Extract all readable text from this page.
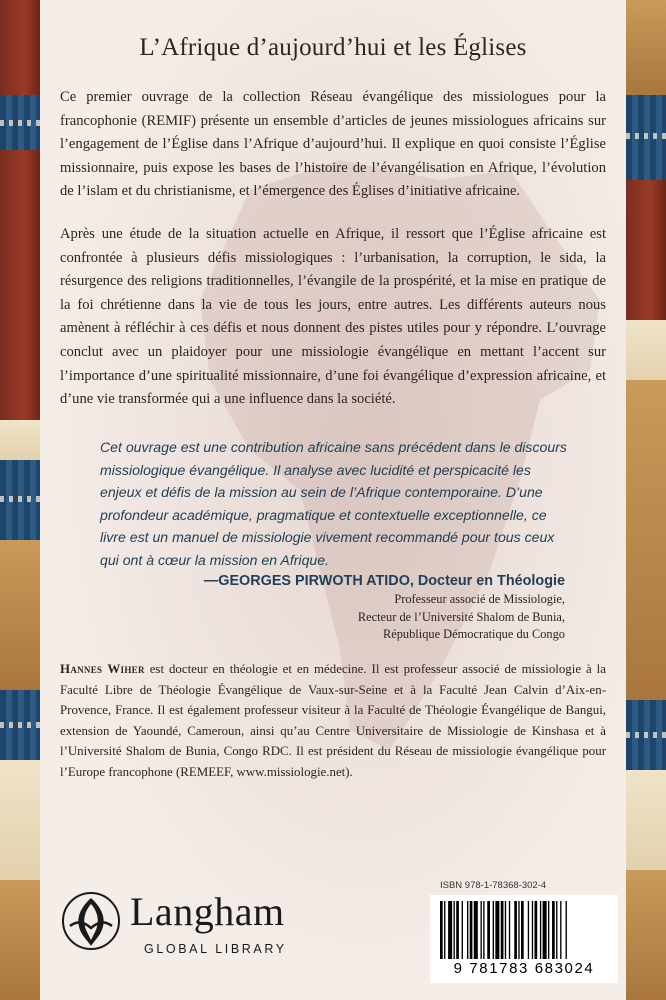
L’Afrique d’aujourd’hui et les Églises

Ce premier ouvrage de la collection Réseau évangélique des missiologues pour la francophonie (REMIF) présente un ensemble d’articles de jeunes missiologues africains sur l’engagement de l’Église dans l’Afrique d’aujourd’hui. Il explique en quoi consiste l’Église missionnaire, puis expose les bases de l’histoire de l’évangélisation en Afrique, l’évolution de l’islam et du christianisme, et l’émergence des Églises d’initiative africaine.

Après une étude de la situation actuelle en Afrique, il ressort que l’Église africaine est confrontée à plusieurs défis missiologiques : l’urbanisation, la corruption, le sida, la résurgence des religions traditionnelles, l’évangile de la prospérité, et la mise en pratique de la foi chrétienne dans la vie de tous les jours, entre autres. Les différents auteurs nous amènent à réfléchir à ces défis et nous donnent des pistes utiles pour y répondre. L’ouvrage conclut avec un plaidoyer pour une missiologie évangélique en mettant l’accent sur l’importance d’une spiritualité missionnaire, d’une foi évangélique d’expression africaine, et d’une vie transformée qui a une influence dans la société.

Cet ouvrage est une contribution africaine sans précédent dans le discours missiologique évangélique. Il analyse avec lucidité et perspicacité les enjeux et défis de la mission au sein de l’Afrique contemporaine. D’une profondeur académique, pragmatique et contextuelle exceptionnelle, ce livre est un manuel de missiologie vivement recommandé pour tous ceux qui ont à cœur la mission en Afrique.

—GEORGES PIRWOTH ATIDO, Docteur en Théologie
Professeur associé de Missiologie,
Recteur de l’Université Shalom de Bunia,
République Démocratique du Congo

Hannes Wiher est docteur en théologie et en médecine. Il est professeur associé de missiologie à la Faculté Libre de Théologie Évangélique de Vaux-sur-Seine et à la Faculté Jean Calvin d’Aix-en-Provence, France. Il est également professeur visiteur à la Faculté de Théologie Évangélique de Bangui, extension de Yaoundé, Cameroun, ainsi qu’au Centre Universitaire de Missiologie de Kinshasa et à l’Université Shalom de Bunia, Congo RDC. Il est président du Réseau de missiologie évangélique pour l’Europe francophone (REMEEF, www.missiologie.net).

Langham
GLOBAL LIBRARY
ISBN 978-1-78368-302-4
9 781783 683024
